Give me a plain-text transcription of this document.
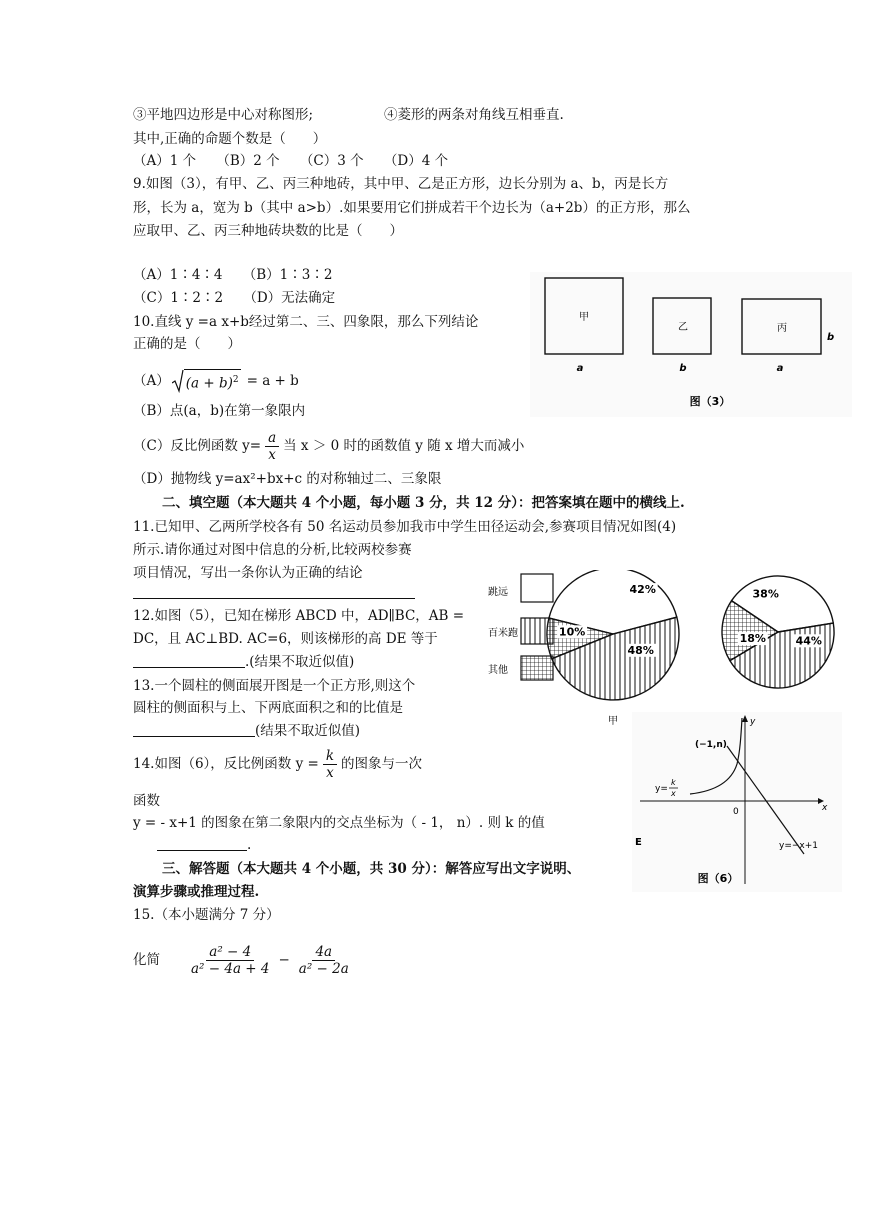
③平地四边形是中心对称图形;	④菱形的两条对角线互相垂直.
其中,正确的命题个数是（　　）
（A）1 个　　（B）2 个　　（C）3 个　　（D）4 个
9.如图（3），有甲、乙、丙三种地砖，其中甲、乙是正方形，边长分别为 a、b，丙是长方
形，长为 a，宽为 b（其中 a>b）.如果要用它们拼成若干个边长为（a+2b）的正方形，那么
应取甲、乙、丙三种地砖块数的比是（　　）
（A）1∶4∶4　　（B）1∶3∶2
（C）1∶2∶2　　（D）无法确定
10.直线 y =a x+b经过第二、三、四象限，那么下列结论
正确的是（　　）
（A） $(a + b)^2 = a + b$
（B）点(a，b)在第一象限内
（C）反比例函数 $y= \frac{a}{x}$ 当 x ＞ 0 时的函数值 y 随 x 增大而减小
（D）抛物线 y=ax²+bx+c 的对称轴过二、三象限
二、填空题（本大题共 4 个小题，每小题 3 分，共 12 分）：把答案填在题中的横线上.
11.已知甲、乙两所学校各有 50 名运动员参加我市中学生田径运动会,参赛项目情况如图(4)
所示.请你通过对图中信息的分析,比较两校参赛
项目情况，写出一条你认为正确的结论
12.如图（5），已知在梯形 ABCD 中，AD∥BC，AB =
DC，且 AC⊥BD. AC=6，则该梯形的高 DE 等于
.(结果不取近似值)
13.一个圆柱的侧面展开图是一个正方形,则这个
圆柱的侧面积与上、下两底面积之和的比值是
(结果不取近似值)
14.如图（6），反比例函数 $y = \frac{k}{x}$ 的图象与一次
函数
y = - x+1 的图象在第二象限内的交点坐标为（ - 1， n）. 则 k 的值
.
三、解答题（本大题共 4 个小题，共 30 分）：解答应写出文字说明、
演算步骤或推理过程.
15.（本小题满分 7 分）
化简 $\frac{\text{a² − 4}}{\text{a² − 4a + 4}} - \frac{4a}{\text{a² − 2a}}$
甲
a
乙
b
丙
a
b
图（3）
跳远
百米跑
其他
42%
48%
10%
38%
44%
18%
甲
x
y
0
(−1,n)
y=
k
x
y=−x+1
E
图（6）
